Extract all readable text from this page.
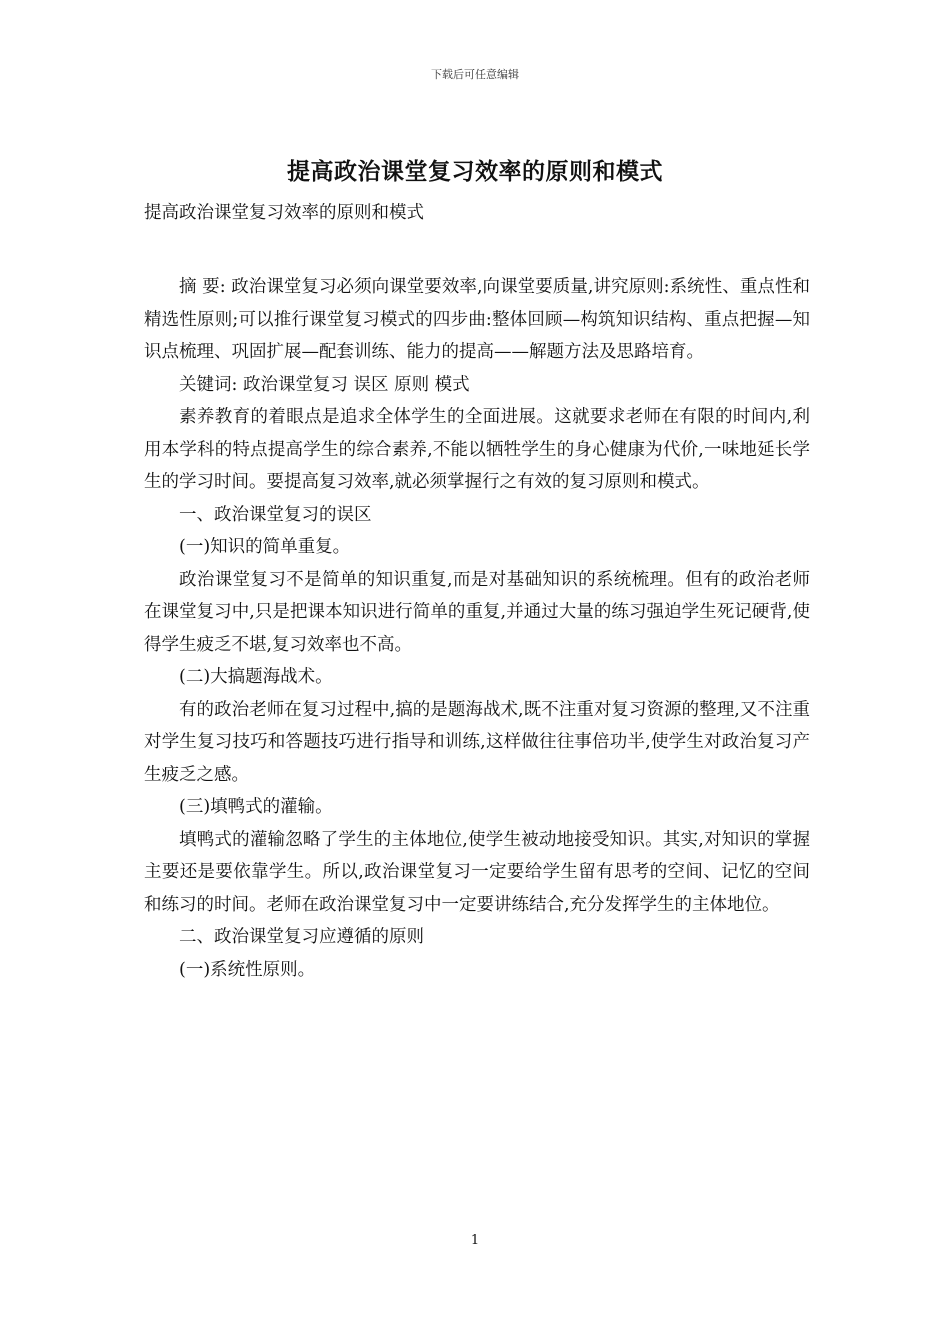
下载后可任意编辑
提高政治课堂复习效率的原则和模式
提高政治课堂复习效率的原则和模式

摘 要: 政治课堂复习必须向课堂要效率,向课堂要质量,讲究原则:系统性、重点性和精选性原则;可以推行课堂复习模式的四步曲:整体回顾—构筑知识结构、重点把握—知识点梳理、巩固扩展—配套训练、能力的提高——解题方法及思路培育。

关键词: 政治课堂复习 误区 原则 模式

素养教育的着眼点是追求全体学生的全面进展。这就要求老师在有限的时间内,利用本学科的特点提高学生的综合素养,不能以牺牲学生的身心健康为代价,一味地延长学生的学习时间。要提高复习效率,就必须掌握行之有效的复习原则和模式。

一、政治课堂复习的误区

(一)知识的简单重复。

政治课堂复习不是简单的知识重复,而是对基础知识的系统梳理。但有的政治老师在课堂复习中,只是把课本知识进行简单的重复,并通过大量的练习强迫学生死记硬背,使得学生疲乏不堪,复习效率也不高。

(二)大搞题海战术。

有的政治老师在复习过程中,搞的是题海战术,既不注重对复习资源的整理,又不注重对学生复习技巧和答题技巧进行指导和训练,这样做往往事倍功半,使学生对政治复习产生疲乏之感。

(三)填鸭式的灌输。

填鸭式的灌输忽略了学生的主体地位,使学生被动地接受知识。其实,对知识的掌握主要还是要依靠学生。所以,政治课堂复习一定要给学生留有思考的空间、记忆的空间和练习的时间。老师在政治课堂复习中一定要讲练结合,充分发挥学生的主体地位。

二、政治课堂复习应遵循的原则

(一)系统性原则。

1
